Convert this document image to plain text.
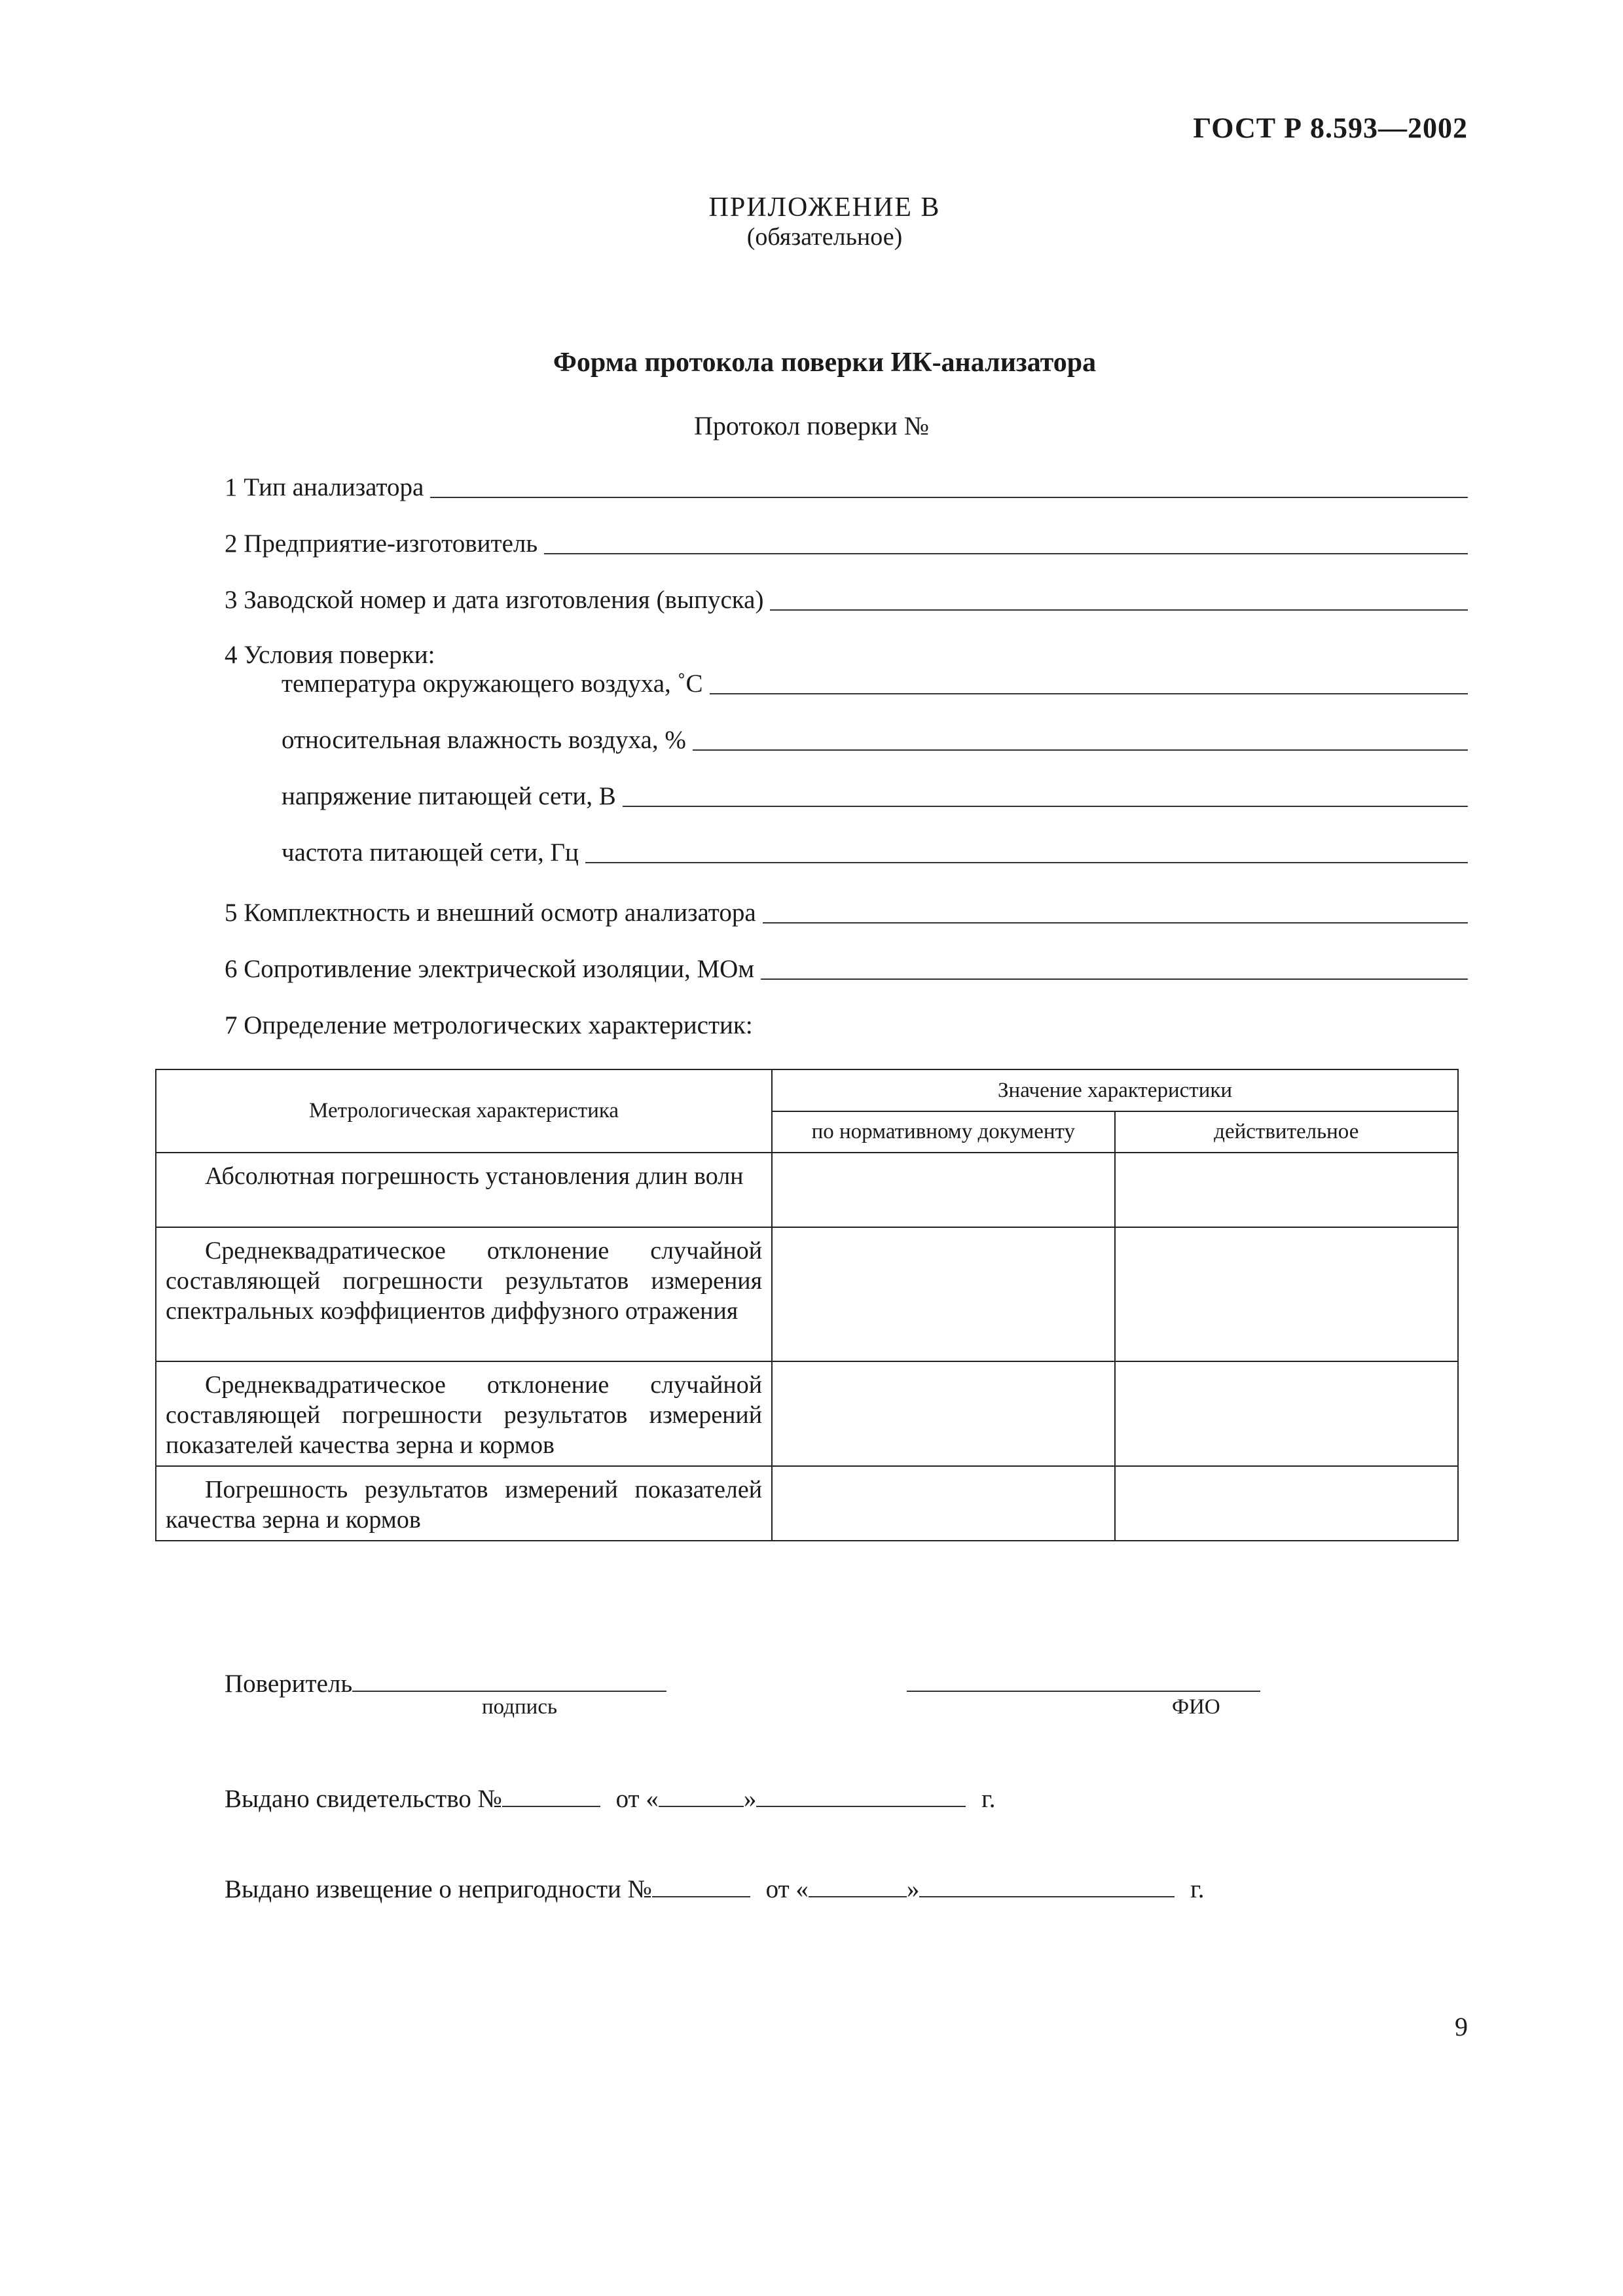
ГОСТ Р 8.593—2002
ПРИЛОЖЕНИЕ В
(обязательное)
Форма протокола поверки ИК-анализатора
Протокол поверки №
1 Тип анализатора
2 Предприятие-изготовитель
3 Заводской номер и дата изготовления (выпуска)
4 Условия поверки:
температура окружающего воздуха, ˚С
относительная влажность воздуха, %
напряжение питающей сети, В
частота питающей сети, Гц
5 Комплектность и внешний осмотр анализатора
6 Сопротивление электрической изоляции, МОм
7 Определение метрологических характеристик:
Метрологическая характеристика	Значение характеристики	
	по нормативному документу	действительное
Абсолютная погрешность установления длин волн		
Среднеквадратическое отклонение случайной составляющей погрешности результатов измерения спектральных коэффициентов диффузного отражения		
Среднеквадратическое отклонение случайной составляющей погрешности результатов измерений показателей качества зерна и кормов		
Погрешность результатов измерений показателей качества зерна и кормов		
Поверитель
подпись	ФИО
Выдано свидетельство №	от «	»	г.
Выдано извещение о непригодности №	от «	»	г.
9
